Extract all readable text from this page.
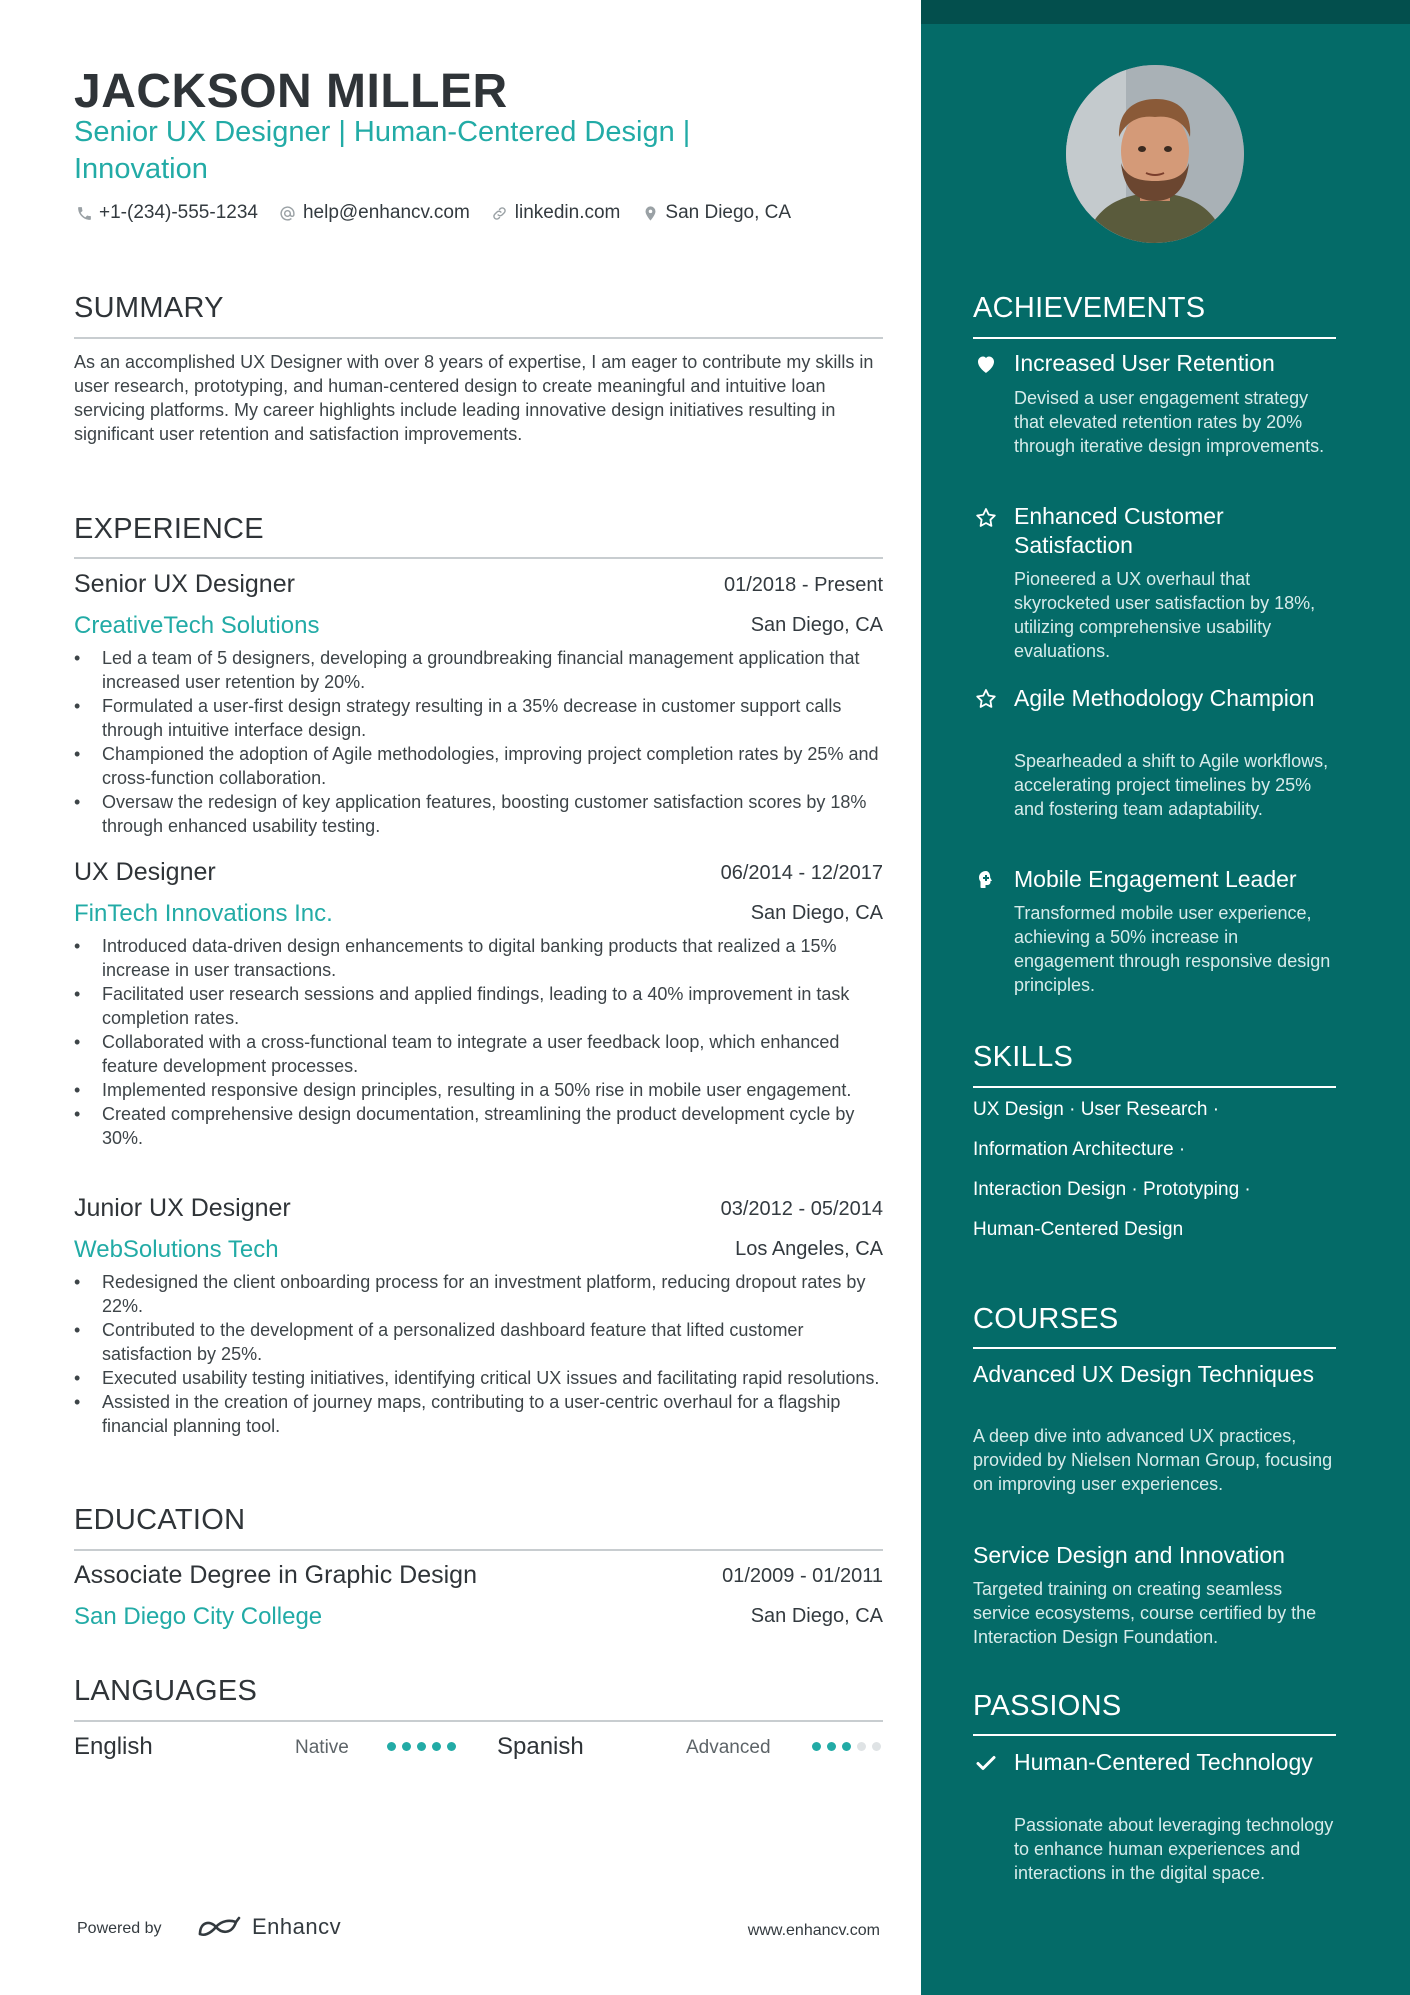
JACKSON MILLER
Senior UX Designer | Human-Centered Design | Innovation
+1-(234)-555-1234 help@enhancv.com linkedin.com San Diego, CA
SUMMARY
As an accomplished UX Designer with over 8 years of expertise, I am eager to contribute my skills in user research, prototyping, and human-centered design to create meaningful and intuitive loan servicing platforms. My career highlights include leading innovative design initiatives resulting in significant user retention and satisfaction improvements.
EXPERIENCE
Senior UX Designer	01/2018 - Present
CreativeTech Solutions	San Diego, CA
• Led a team of 5 designers, developing a groundbreaking financial management application that increased user retention by 20%.
• Formulated a user-first design strategy resulting in a 35% decrease in customer support calls through intuitive interface design.
• Championed the adoption of Agile methodologies, improving project completion rates by 25% and cross-function collaboration.
• Oversaw the redesign of key application features, boosting customer satisfaction scores by 18% through enhanced usability testing.
UX Designer	06/2014 - 12/2017
FinTech Innovations Inc.	San Diego, CA
• Introduced data-driven design enhancements to digital banking products that realized a 15% increase in user transactions.
• Facilitated user research sessions and applied findings, leading to a 40% improvement in task completion rates.
• Collaborated with a cross-functional team to integrate a user feedback loop, which enhanced feature development processes.
• Implemented responsive design principles, resulting in a 50% rise in mobile user engagement.
• Created comprehensive design documentation, streamlining the product development cycle by 30%.
Junior UX Designer	03/2012 - 05/2014
WebSolutions Tech	Los Angeles, CA
• Redesigned the client onboarding process for an investment platform, reducing dropout rates by 22%.
• Contributed to the development of a personalized dashboard feature that lifted customer satisfaction by 25%.
• Executed usability testing initiatives, identifying critical UX issues and facilitating rapid resolutions.
• Assisted in the creation of journey maps, contributing to a user-centric overhaul for a flagship financial planning tool.
EDUCATION
Associate Degree in Graphic Design	01/2009 - 01/2011
San Diego City College	San Diego, CA
LANGUAGES
English	Native	Spanish	Advanced
Powered by	Enhancv	www.enhancv.com
ACHIEVEMENTS
Increased User Retention
Devised a user engagement strategy that elevated retention rates by 20% through iterative design improvements.
Enhanced Customer Satisfaction
Pioneered a UX overhaul that skyrocketed user satisfaction by 18%, utilizing comprehensive usability evaluations.
Agile Methodology Champion
Spearheaded a shift to Agile workflows, accelerating project timelines by 25% and fostering team adaptability.
Mobile Engagement Leader
Transformed mobile user experience, achieving a 50% increase in engagement through responsive design principles.
SKILLS
UX Design · User Research ·
Information Architecture ·
Interaction Design · Prototyping ·
Human-Centered Design
COURSES
Advanced UX Design Techniques
A deep dive into advanced UX practices, provided by Nielsen Norman Group, focusing on improving user experiences.
Service Design and Innovation
Targeted training on creating seamless service ecosystems, course certified by the Interaction Design Foundation.
PASSIONS
Human-Centered Technology
Passionate about leveraging technology to enhance human experiences and interactions in the digital space.
